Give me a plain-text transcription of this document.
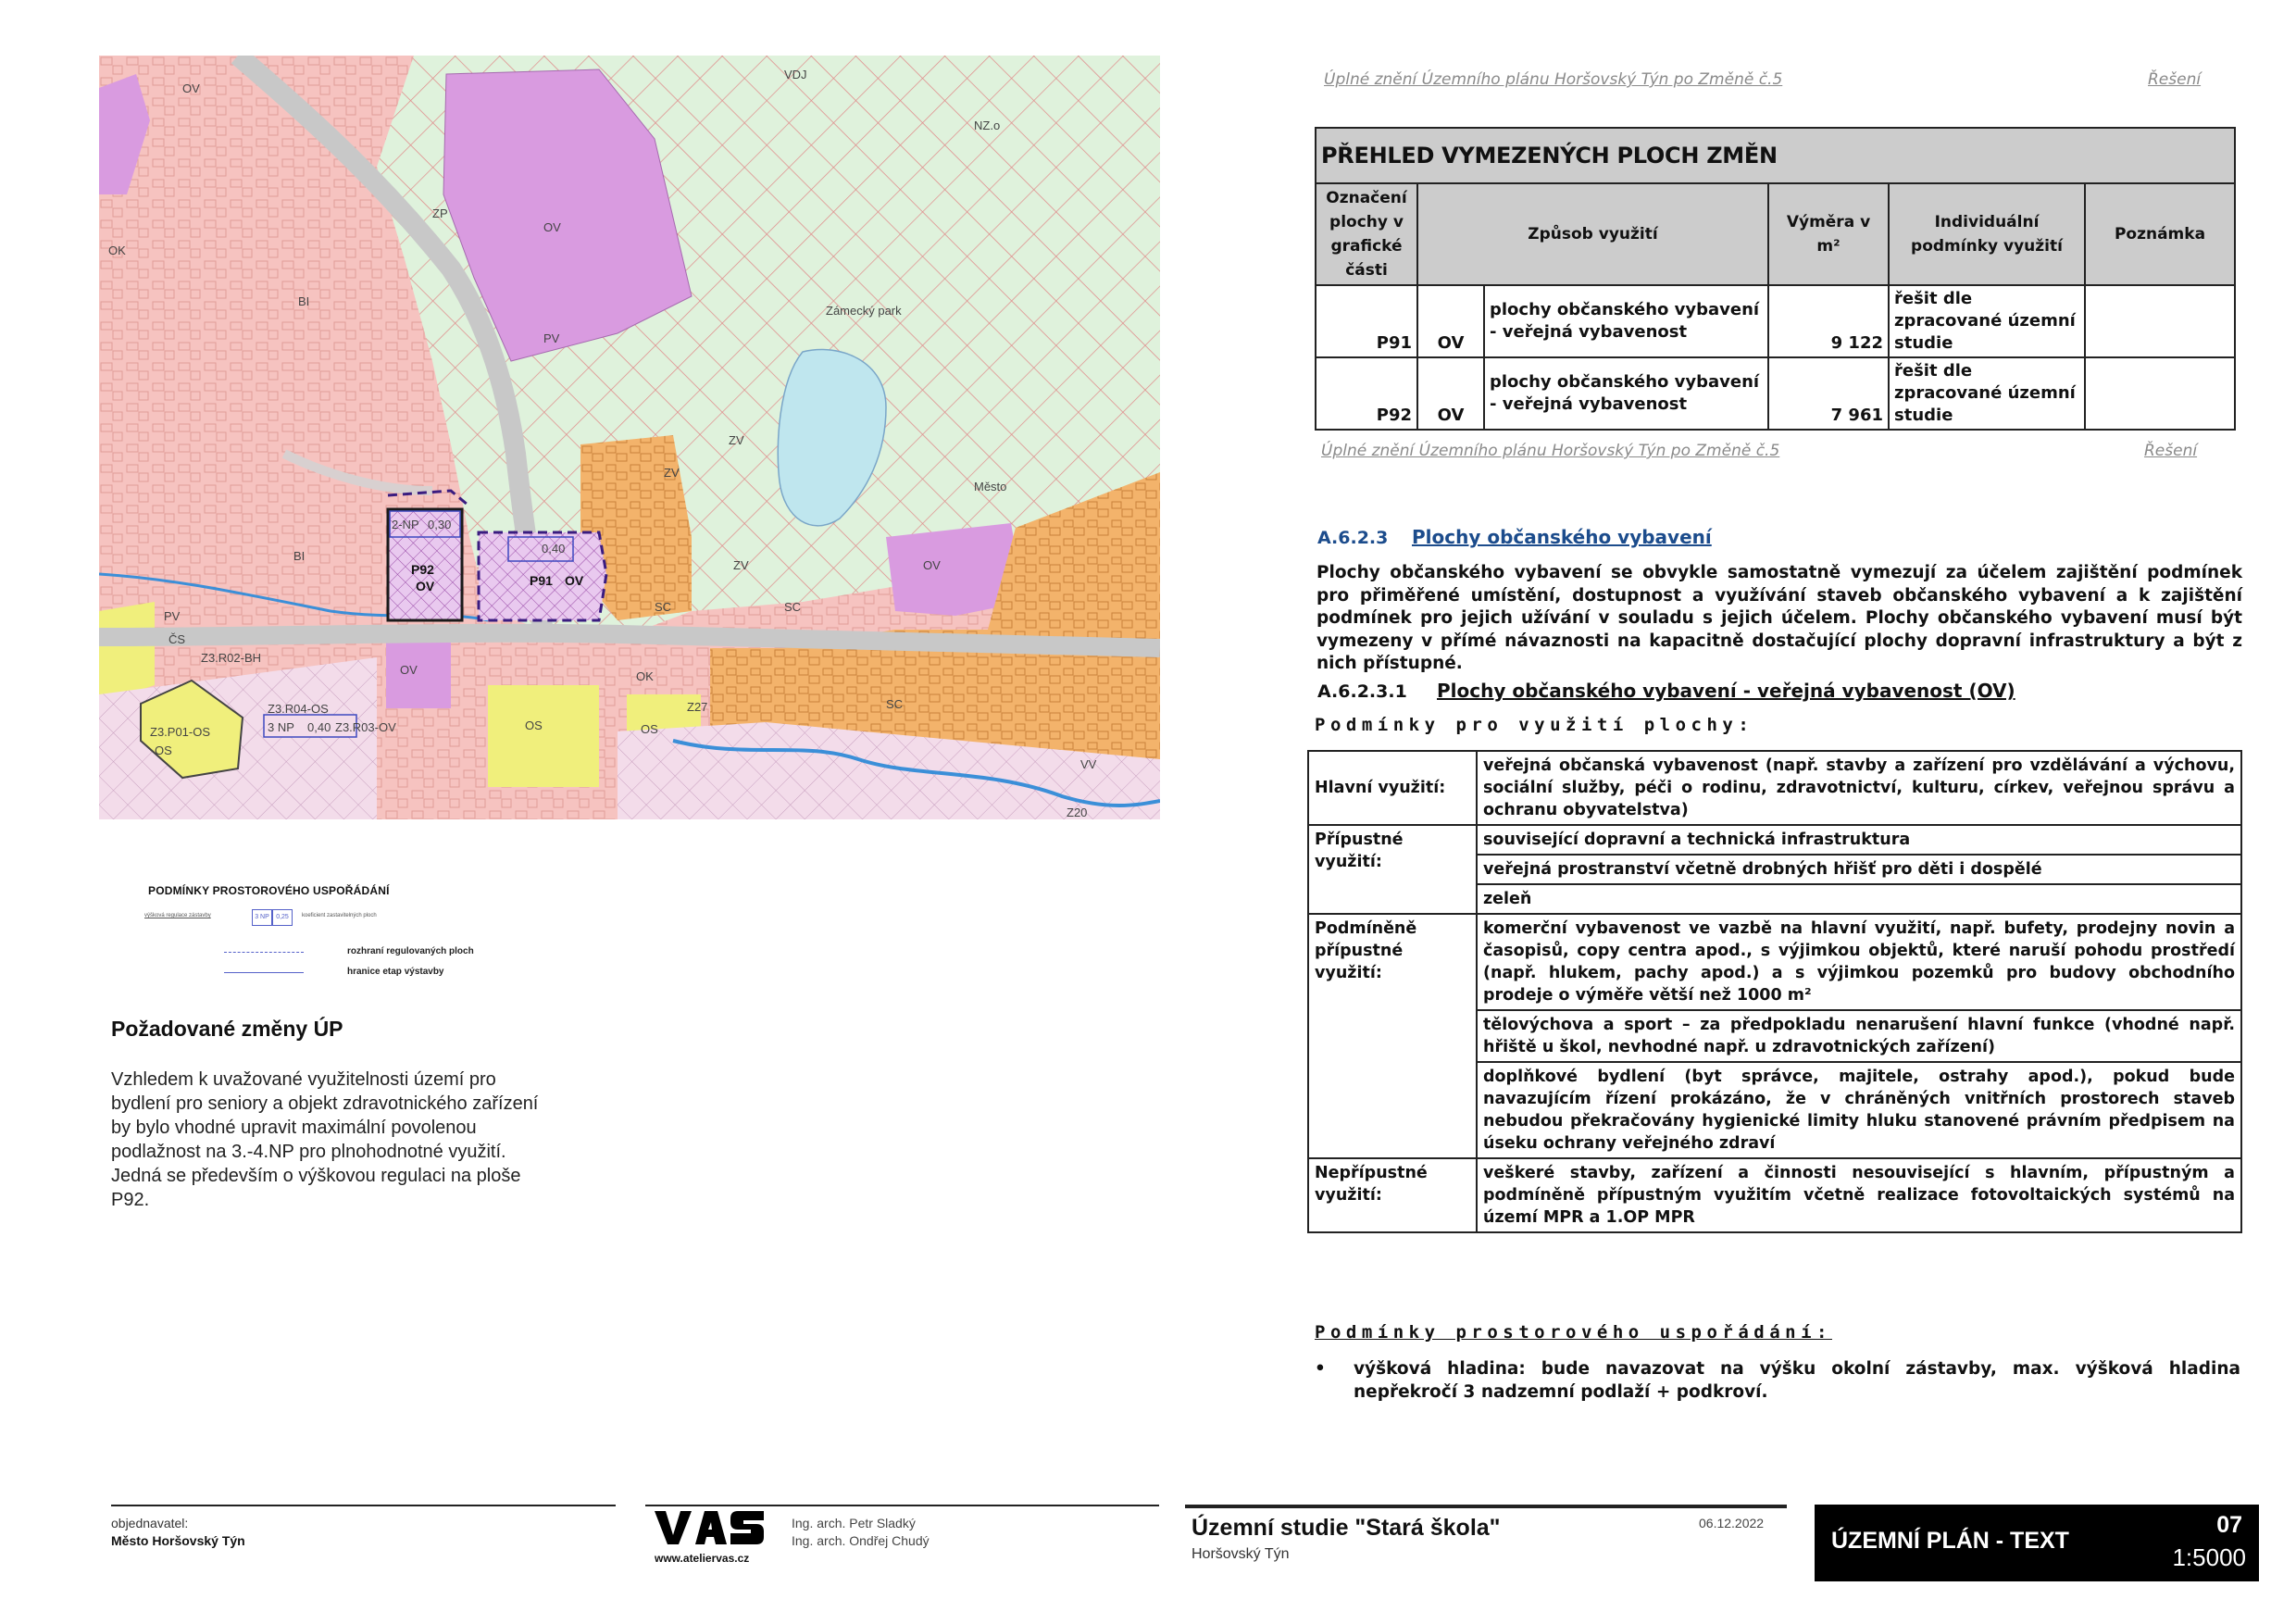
OV
OK
BI
BI
PV
ČS
ZP
PV
OV
ZV
ZV
ZV
Zámecký park
Město
NZ.o
VDJ
OV
SC	SC
SC
OV
OS	OS
OS
OK
VV
Z3.R02-BH
Z3.R04-OS
Z3.R03-OV
Z3.P01-OS
Z27
Z20
2-NP 0,30
3 NP 0,40
0,40
P92
OV	P91 OV
PODMÍNKY PROSTOROVÉHO USPOŘÁDÁNÍ
výšková regulace zástavby	3 NP	0,25	koeficient zastavitelných ploch
rozhraní regulovaných ploch
hranice etap výstavby
Požadované změny ÚP
Vzhledem k uvažované využitelnosti území pro bydlení pro seniory a objekt zdravotnického zařízení by bylo vhodné upravit maximální povolenou podlažnost na 3.-4.NP pro plnohodnotné využití. Jedná se především o výškovou regulaci na ploše P92.
Úplné znění Územního plánu Horšovský Týn po Změně č.5	Řešení
PŘEHLED VYMEZENÝCH PLOCH ZMĚN					
Označení plochy v grafické části	Způsob využití		Výměra v m²	Individuální podmínky využití	Poznámka
P91	OV	plochy občanského vybavení - veřejná vybavenost	9 122	řešit dle zpracované územní studie	
P92	OV	plochy občanského vybavení - veřejná vybavenost	7 961	řešit dle zpracované územní studie	
Úplné znění Územního plánu Horšovský Týn po Změně č.5	Řešení
A.6.2.3 Plochy občanského vybavení
Plochy občanského vybavení se obvykle samostatně vymezují za účelem zajištění podmínek pro přiměřené umístění, dostupnost a využívání staveb občanského vybavení a k zajištění podmínek pro jejich užívání v souladu s jejich účelem. Plochy občanského vybavení musí být vymezeny v přímé návaznosti na kapacitně dostačující plochy dopravní infrastruktury a být z nich přístupné.
A.6.2.3.1 Plochy občanského vybavení - veřejná vybavenost (OV)
Podmínky pro využití plochy:
Hlavní využití:	veřejná občanská vybavenost (např. stavby a zařízení pro vzdělávání a výchovu, sociální služby, péči o rodinu, zdravotnictví, kulturu, církev, veřejnou správu a ochranu obyvatelstva)
Přípustné využití:	související dopravní a technická infrastruktura
	veřejná prostranství včetně drobných hřišť pro děti i dospělé
	zeleň
Podmíněně přípustné využití:	komerční vybavenost ve vazbě na hlavní využití, např. bufety, prodejny novin a časopisů, copy centra apod., s výjimkou objektů, které naruší pohodu prostředí (např. hlukem, pachy apod.) a s výjimkou pozemků pro budovy obchodního prodeje o výměře větší než 1000 m²
	tělovýchova a sport – za předpokladu nenarušení hlavní funkce (vhodné např. hřiště u škol, nevhodné např. u zdravotnických zařízení)
	doplňkové bydlení (byt správce, majitele, ostrahy apod.), pokud bude navazujícím řízení prokázáno, že v chráněných vnitřních prostorech staveb nebudou překračovány hygienické limity hluku stanovené právním předpisem na úseku ochrany veřejného zdraví
Nepřípustné využití:	veškeré stavby, zařízení a činnosti nesouvisející s hlavním, přípustným a podmíněně přípustným využitím včetně realizace fotovoltaických systémů na území MPR a 1.OP MPR
Podmínky prostorového uspořádání:
• výšková hladina: bude navazovat na výšku okolní zástavby, max. výšková hladina nepřekročí 3 nadzemní podlaží + podkroví.
objednavatel:
Město Horšovský Týn
www.ateliervas.cz
Ing. arch. Petr Sladký
Ing. arch. Ondřej Chudý	Územní studie "Stará škola"
Horšovský Týn
06.12.2022
ÚZEMNÍ PLÁN - TEXT
07
1:5000
